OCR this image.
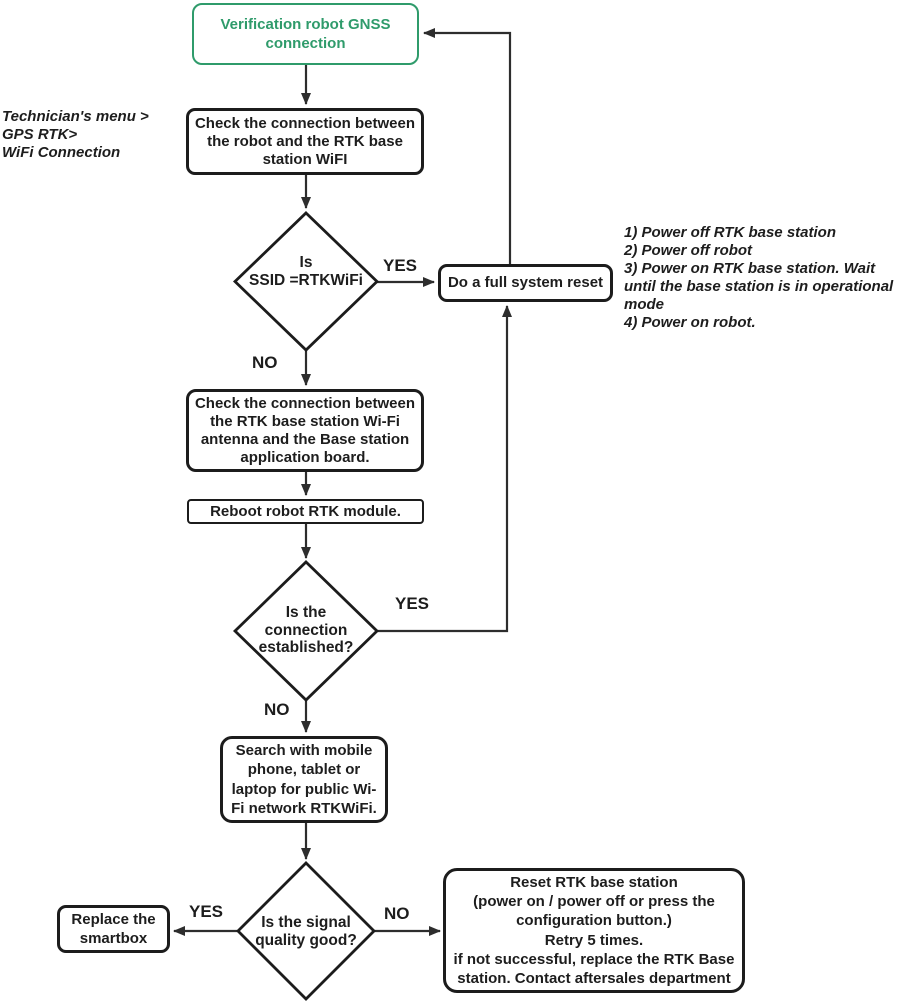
Technician's menu >
GPS RTK>
WiFi Connection
Verification robot GNSS
connection
Check the connection between
the robot and the RTK base
station WiFI
Is
SSID =RTKWiFi	Do a full system reset
1) Power off RTK base station
2) Power off robot
3) Power on RTK base station. Wait
until the base station is in operational
mode
4) Power on robot.
Check the connection between
the RTK base station Wi-Fi
antenna and the Base station
application board.
Reboot robot RTK module.
Is the
connection
established?
Search with mobile
phone, tablet or
laptop for public Wi-
Fi network RTKWiFi.
Is the signal
quality good?
Replace the
smartbox
Reset RTK base station
(power on / power off or press the
configuration button.)
Retry 5 times.
if not successful, replace the RTK Base
station. Contact aftersales department
YES
NO
YES
NO
YES	NO
